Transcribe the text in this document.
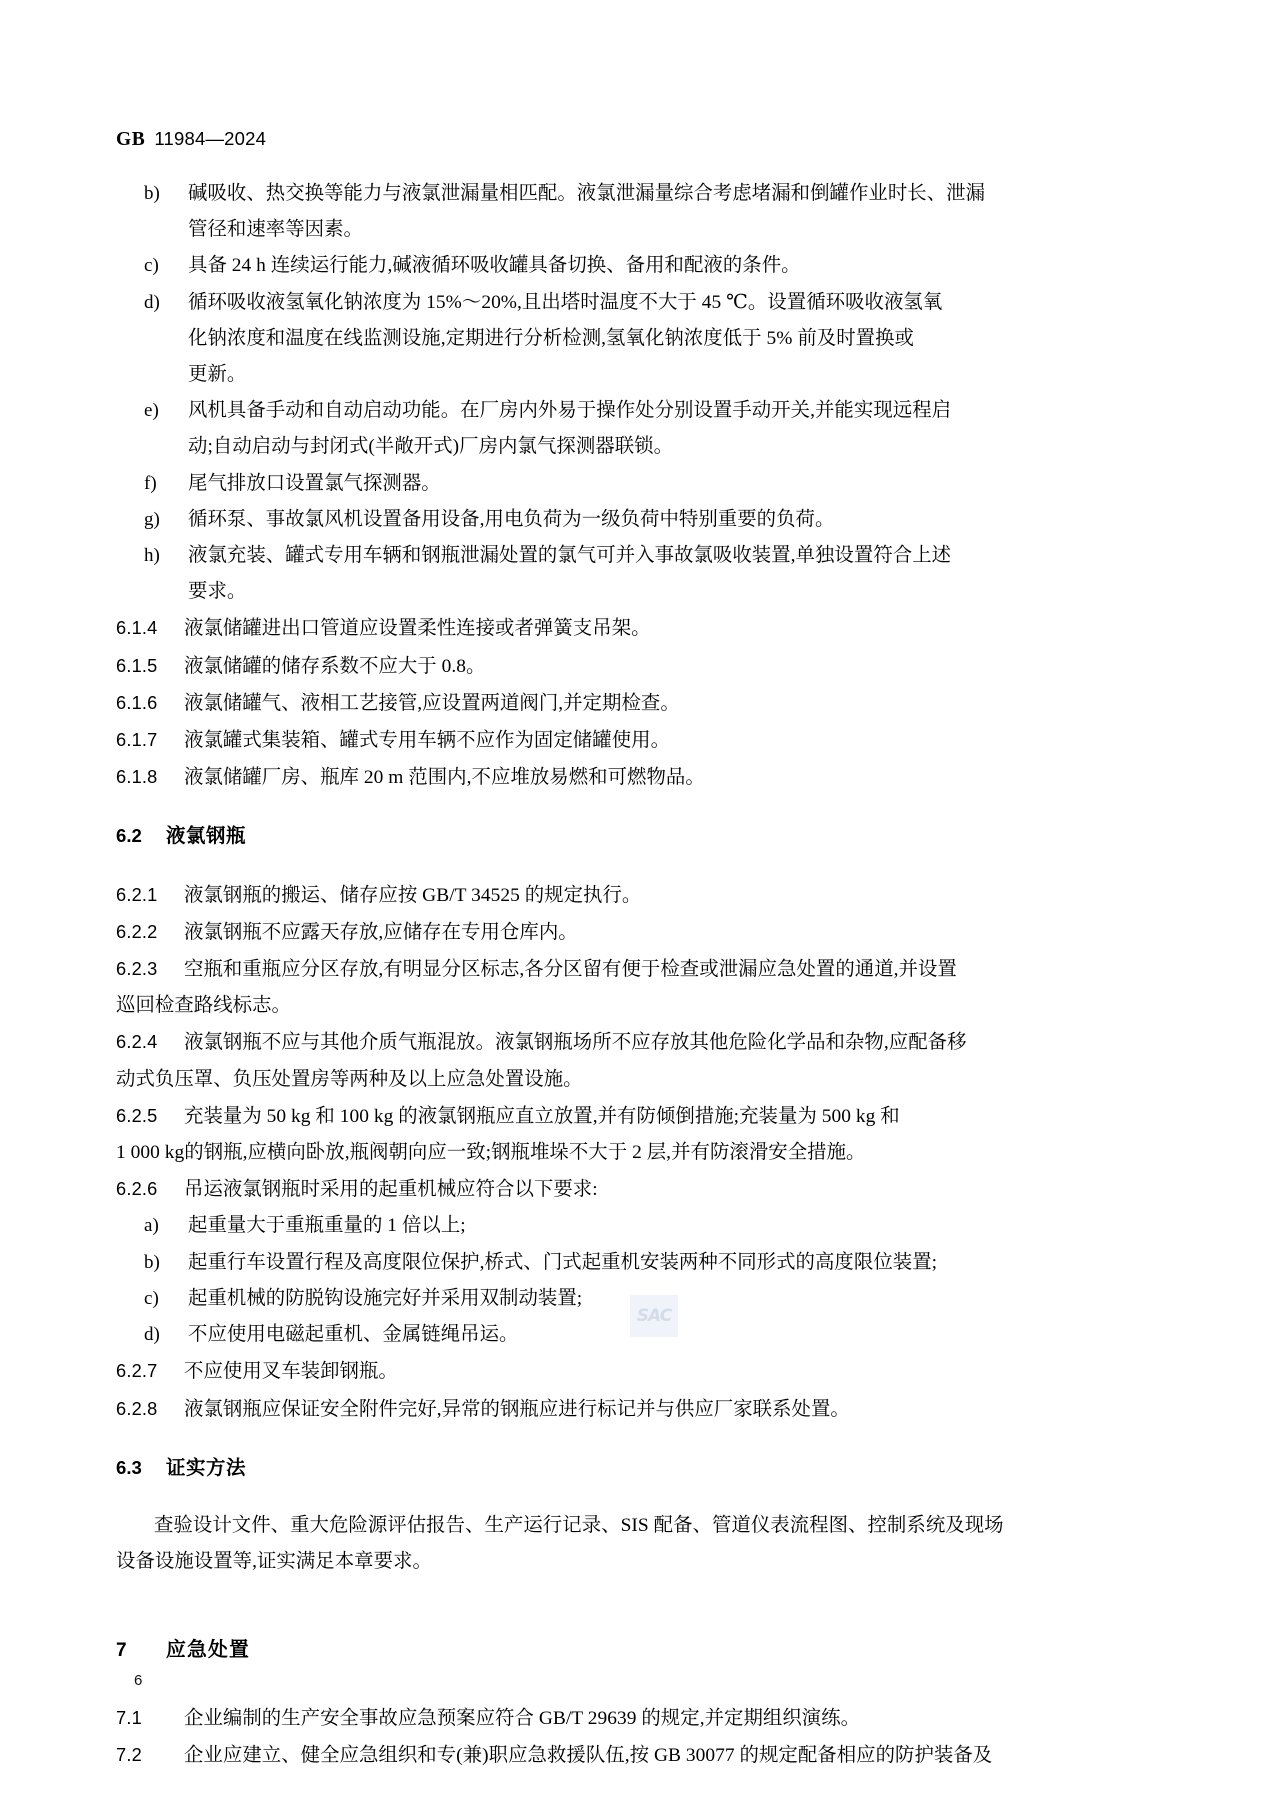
GB 11984—2024
b)	碱吸收、热交换等能力与液氯泄漏量相匹配。液氯泄漏量综合考虑堵漏和倒罐作业时长、泄漏
管径和速率等因素。
c)	具备 24 h 连续运行能力,碱液循环吸收罐具备切换、备用和配液的条件。
d)	循环吸收液氢氧化钠浓度为 15%～20%,且出塔时温度不大于 45 ℃。设置循环吸收液氢氧
化钠浓度和温度在线监测设施,定期进行分析检测,氢氧化钠浓度低于 5% 前及时置换或
更新。
e)	风机具备手动和自动启动功能。在厂房内外易于操作处分别设置手动开关,并能实现远程启
动;自动启动与封闭式(半敞开式)厂房内氯气探测器联锁。
f)	尾气排放口设置氯气探测器。
g)	循环泵、事故氯风机设置备用设备,用电负荷为一级负荷中特别重要的负荷。
h)	液氯充装、罐式专用车辆和钢瓶泄漏处置的氯气可并入事故氯吸收装置,单独设置符合上述
要求。
6.1.4	液氯储罐进出口管道应设置柔性连接或者弹簧支吊架。
6.1.5	液氯储罐的储存系数不应大于 0.8。
6.1.6	液氯储罐气、液相工艺接管,应设置两道阀门,并定期检查。
6.1.7	液氯罐式集装箱、罐式专用车辆不应作为固定储罐使用。
6.1.8	液氯储罐厂房、瓶库 20 m 范围内,不应堆放易燃和可燃物品。
6.2	液氯钢瓶
6.2.1	液氯钢瓶的搬运、储存应按 GB/T 34525 的规定执行。
6.2.2	液氯钢瓶不应露天存放,应储存在专用仓库内。
6.2.3	空瓶和重瓶应分区存放,有明显分区标志,各分区留有便于检查或泄漏应急处置的通道,并设置
巡回检查路线标志。
6.2.4	液氯钢瓶不应与其他介质气瓶混放。液氯钢瓶场所不应存放其他危险化学品和杂物,应配备移
动式负压罩、负压处置房等两种及以上应急处置设施。
6.2.5	充装量为 50 kg 和 100 kg 的液氯钢瓶应直立放置,并有防倾倒措施;充装量为 500 kg 和
1 000 kg的钢瓶,应横向卧放,瓶阀朝向应一致;钢瓶堆垛不大于 2 层,并有防滚滑安全措施。
6.2.6	吊运液氯钢瓶时采用的起重机械应符合以下要求:
a)	起重量大于重瓶重量的 1 倍以上;
b)	起重行车设置行程及高度限位保护,桥式、门式起重机安装两种不同形式的高度限位装置;
c)	起重机械的防脱钩设施完好并采用双制动装置;
d)	不应使用电磁起重机、金属链绳吊运。
6.2.7	不应使用叉车装卸钢瓶。
6.2.8	液氯钢瓶应保证安全附件完好,异常的钢瓶应进行标记并与供应厂家联系处置。
6.3	证实方法
查验设计文件、重大危险源评估报告、生产运行记录、SIS 配备、管道仪表流程图、控制系统及现场
设备设施设置等,证实满足本章要求。
7	应急处置
7.1	企业编制的生产安全事故应急预案应符合 GB/T 29639 的规定,并定期组织演练。
7.2	企业应建立、健全应急组织和专(兼)职应急救援队伍,按 GB 30077 的规定配备相应的防护装备及
SAC
6
